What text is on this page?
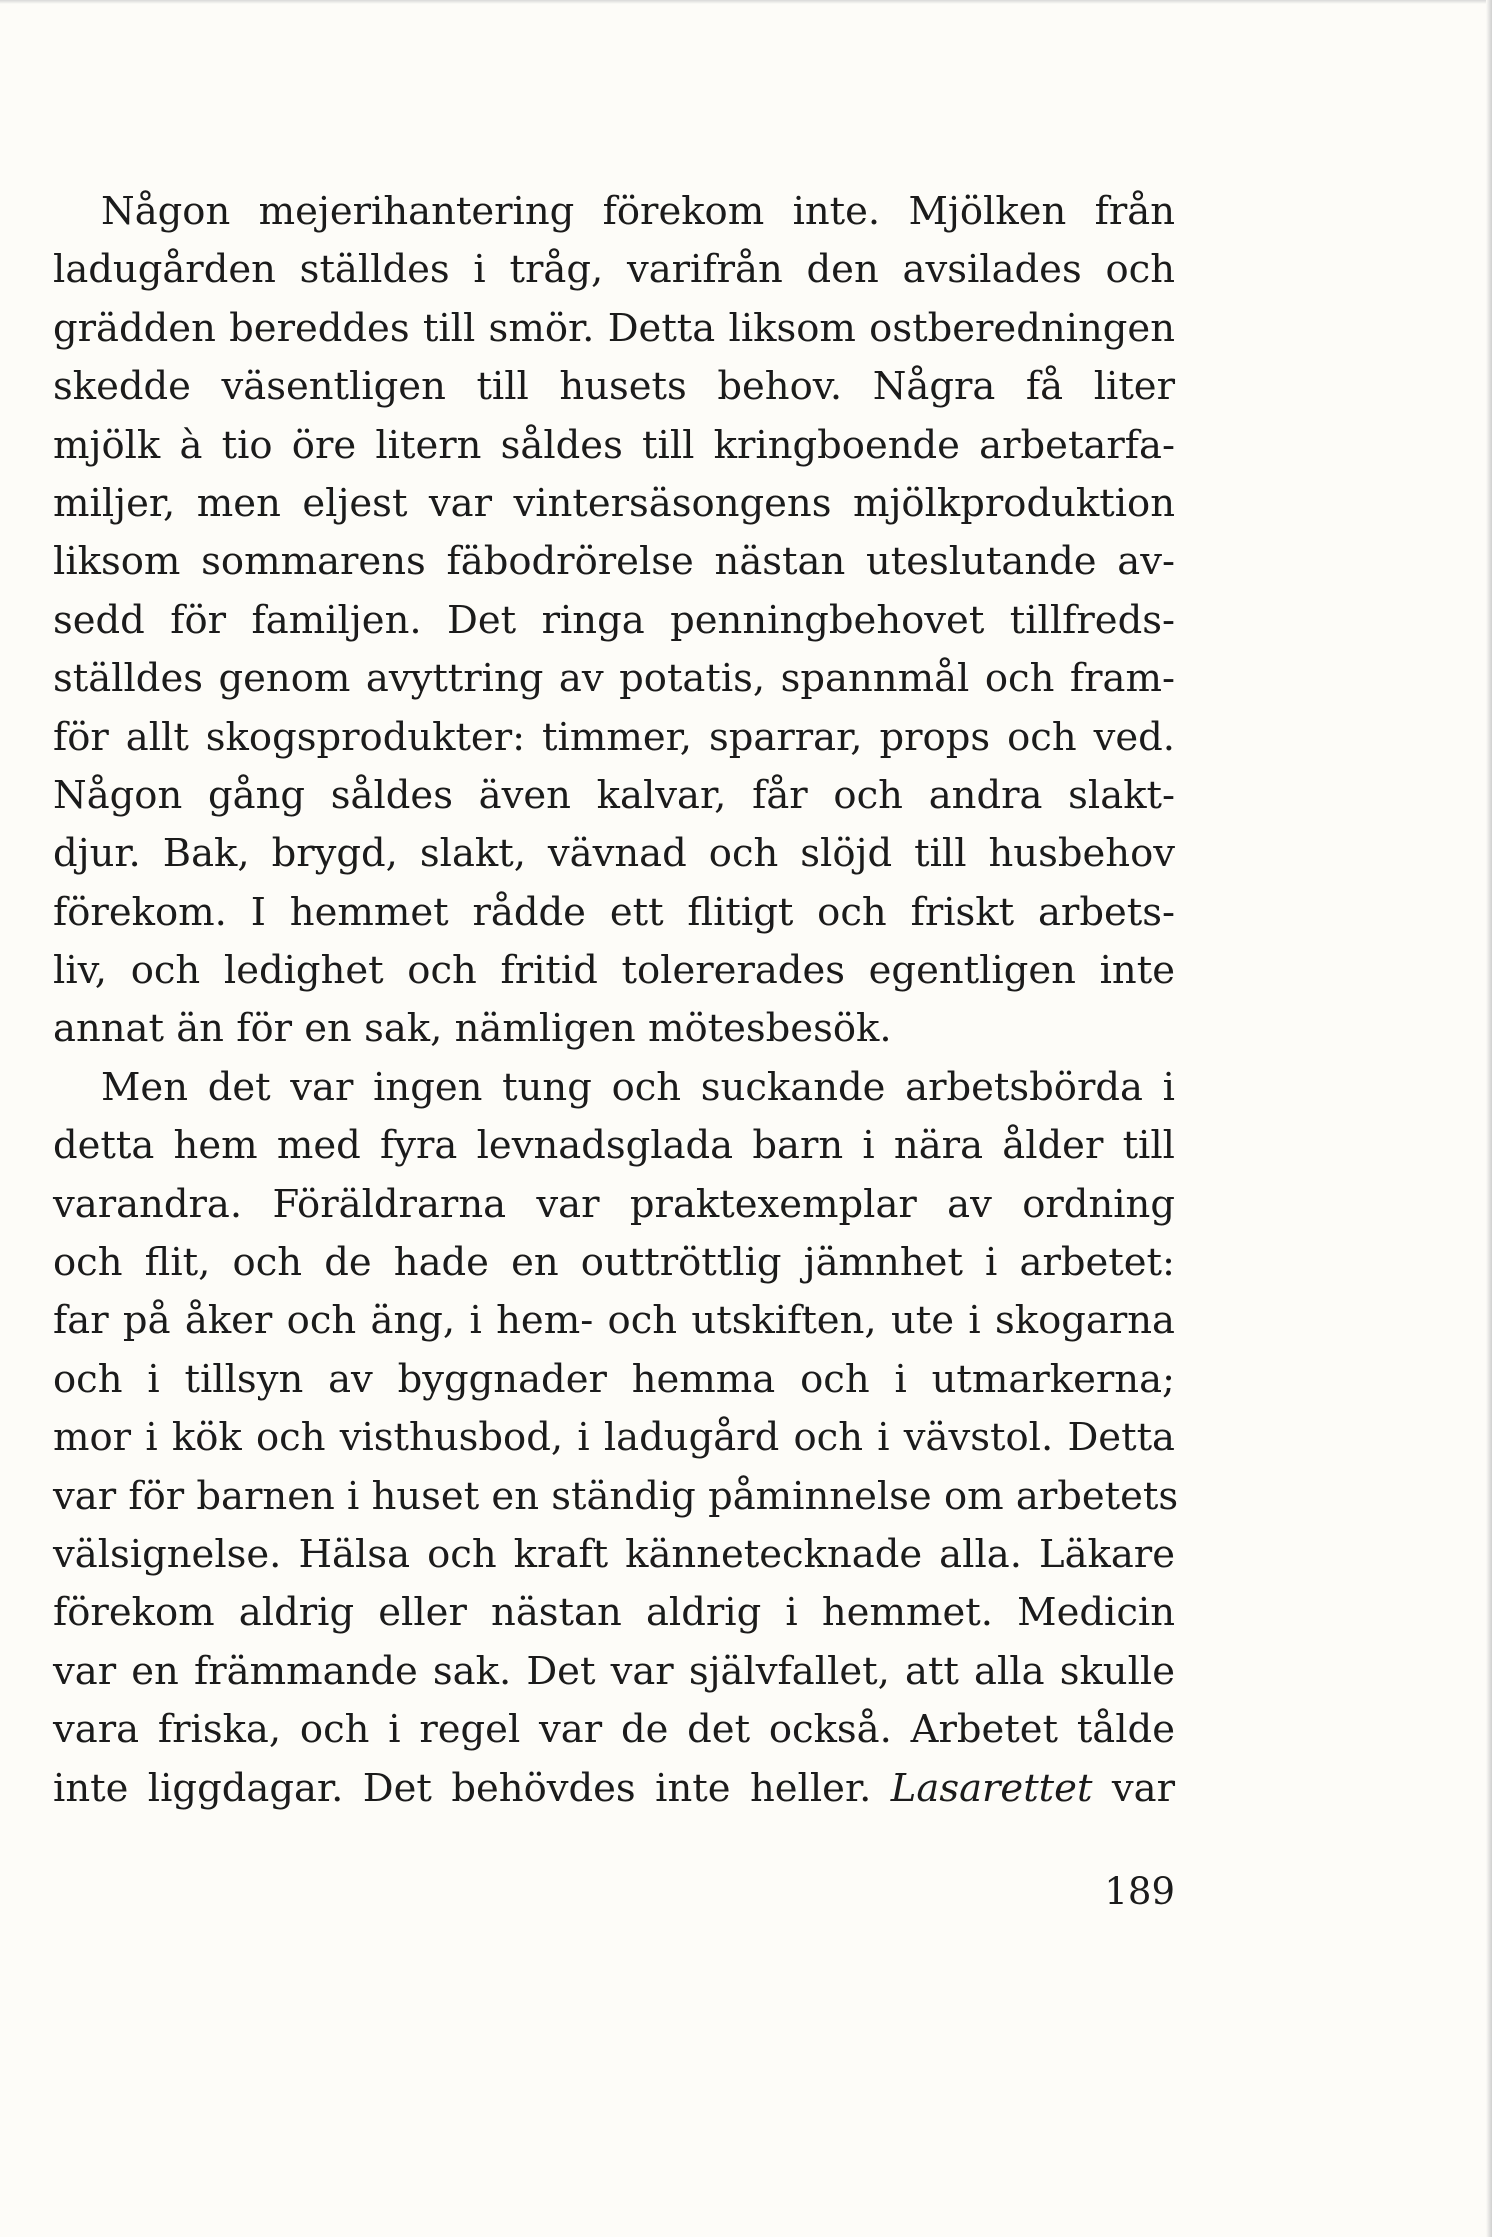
Någon mejerihantering förekom inte. Mjölken från
ladugården ställdes i tråg, varifrån den avsilades och
grädden bereddes till smör. Detta liksom ostberedningen
skedde väsentligen till husets behov. Några få liter
mjölk à tio öre litern såldes till kringboende arbetarfa-
miljer, men eljest var vintersäsongens mjölkproduktion
liksom sommarens fäbodrörelse nästan uteslutande av-
sedd för familjen. Det ringa penningbehovet tillfreds-
ställdes genom avyttring av potatis, spannmål och fram-
för allt skogsprodukter: timmer, sparrar, props och ved.
Någon gång såldes även kalvar, får och andra slakt-
djur. Bak, brygd, slakt, vävnad och slöjd till husbehov
förekom. I hemmet rådde ett flitigt och friskt arbets-
liv, och ledighet och fritid tolererades egentligen inte
annat än för en sak, nämligen mötesbesök.
Men det var ingen tung och suckande arbetsbörda i
detta hem med fyra levnadsglada barn i nära ålder till
varandra. Föräldrarna var praktexemplar av ordning
och flit, och de hade en outtröttlig jämnhet i arbetet:
far på åker och äng, i hem- och utskiften, ute i skogarna
och i tillsyn av byggnader hemma och i utmarkerna;
mor i kök och visthusbod, i ladugård och i vävstol. Detta
var för barnen i huset en ständig påminnelse om arbetets
välsignelse. Hälsa och kraft kännetecknade alla. Läkare
förekom aldrig eller nästan aldrig i hemmet. Medicin
var en främmande sak. Det var självfallet, att alla skulle
vara friska, och i regel var de det också. Arbetet tålde
inte liggdagar. Det behövdes inte heller. Lasarettet var
189
